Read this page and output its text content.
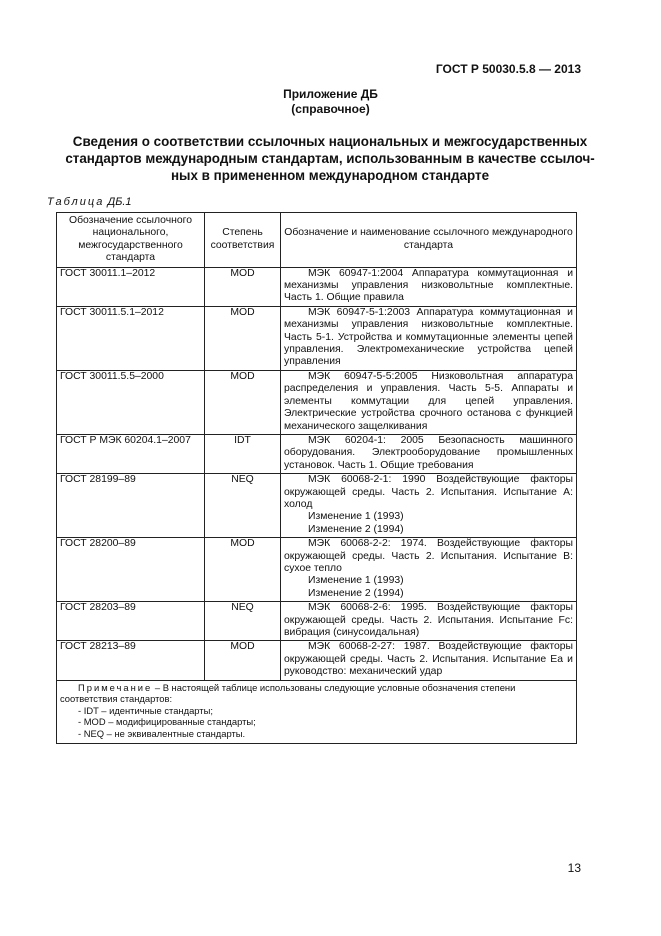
ГОСТ Р 50030.5.8 — 2013
Приложение ДБ
(справочное)
Сведения о соответствии ссылочных национальных и межгосударственных
стандартов международным стандартам, использованным в качестве ссылоч-
ных в примененном международном стандарте
Таблица ДБ.1
Обозначение ссылочного национального, межгосударственного стандарта	Степень соответствия	Обозначение и наименование ссылочного международного стандарта
ГОСТ 30011.1–2012	MOD	МЭК 60947-1:2004 Аппаратура коммутационная и механизмы управления низковольтные комплектные. Часть 1. Общие правила

ГОСТ 30011.5.1–2012	MOD	МЭК 60947-5-1:2003 Аппаратура коммутационная и механизмы управления низковольтные комплектные. Часть 5-1. Устройства и коммутационные элементы цепей управления. Электромеханические устройства цепей управления

ГОСТ 30011.5.5–2000	MOD	МЭК 60947-5-5:2005 Низковольтная аппаратура распределения и управления. Часть 5-5. Аппараты и элементы коммутации для цепей управления. Электрические устройства срочного останова с функцией механического защелкивания

ГОСТ Р МЭК 60204.1–2007	IDT	МЭК 60204-1: 2005 Безопасность машинного оборудования. Электрооборудование промышленных установок. Часть 1. Общие требования

ГОСТ 28199–89	NEQ	МЭК 60068-2-1: 1990 Воздействующие факторы окружающей среды. Часть 2. Испытания. Испытание А: холод
Изменение 1 (1993)
Изменение 2 (1994)

ГОСТ 28200–89	MOD	МЭК 60068-2-2: 1974. Воздействующие факторы окружающей среды. Часть 2. Испытания. Испытание В: сухое тепло
Изменение 1 (1993)
Изменение 2 (1994)

ГОСТ 28203–89	NEQ	МЭК 60068-2-6: 1995. Воздействующие факторы окружающей среды. Часть 2. Испытания. Испытание Fc: вибрация (синусоидальная)

ГОСТ 28213–89	MOD	МЭК 60068-2-27: 1987. Воздействующие факторы окружающей среды. Часть 2. Испытания. Испытание Ea и руководство: механический удар

Примечание – В настоящей таблице использованы следующие условные обозначения степени соответствия стандартов:
- IDT – идентичные стандарты;
- MOD – модифицированные стандарты;
- NEQ – не эквивалентные стандарты.		
13
